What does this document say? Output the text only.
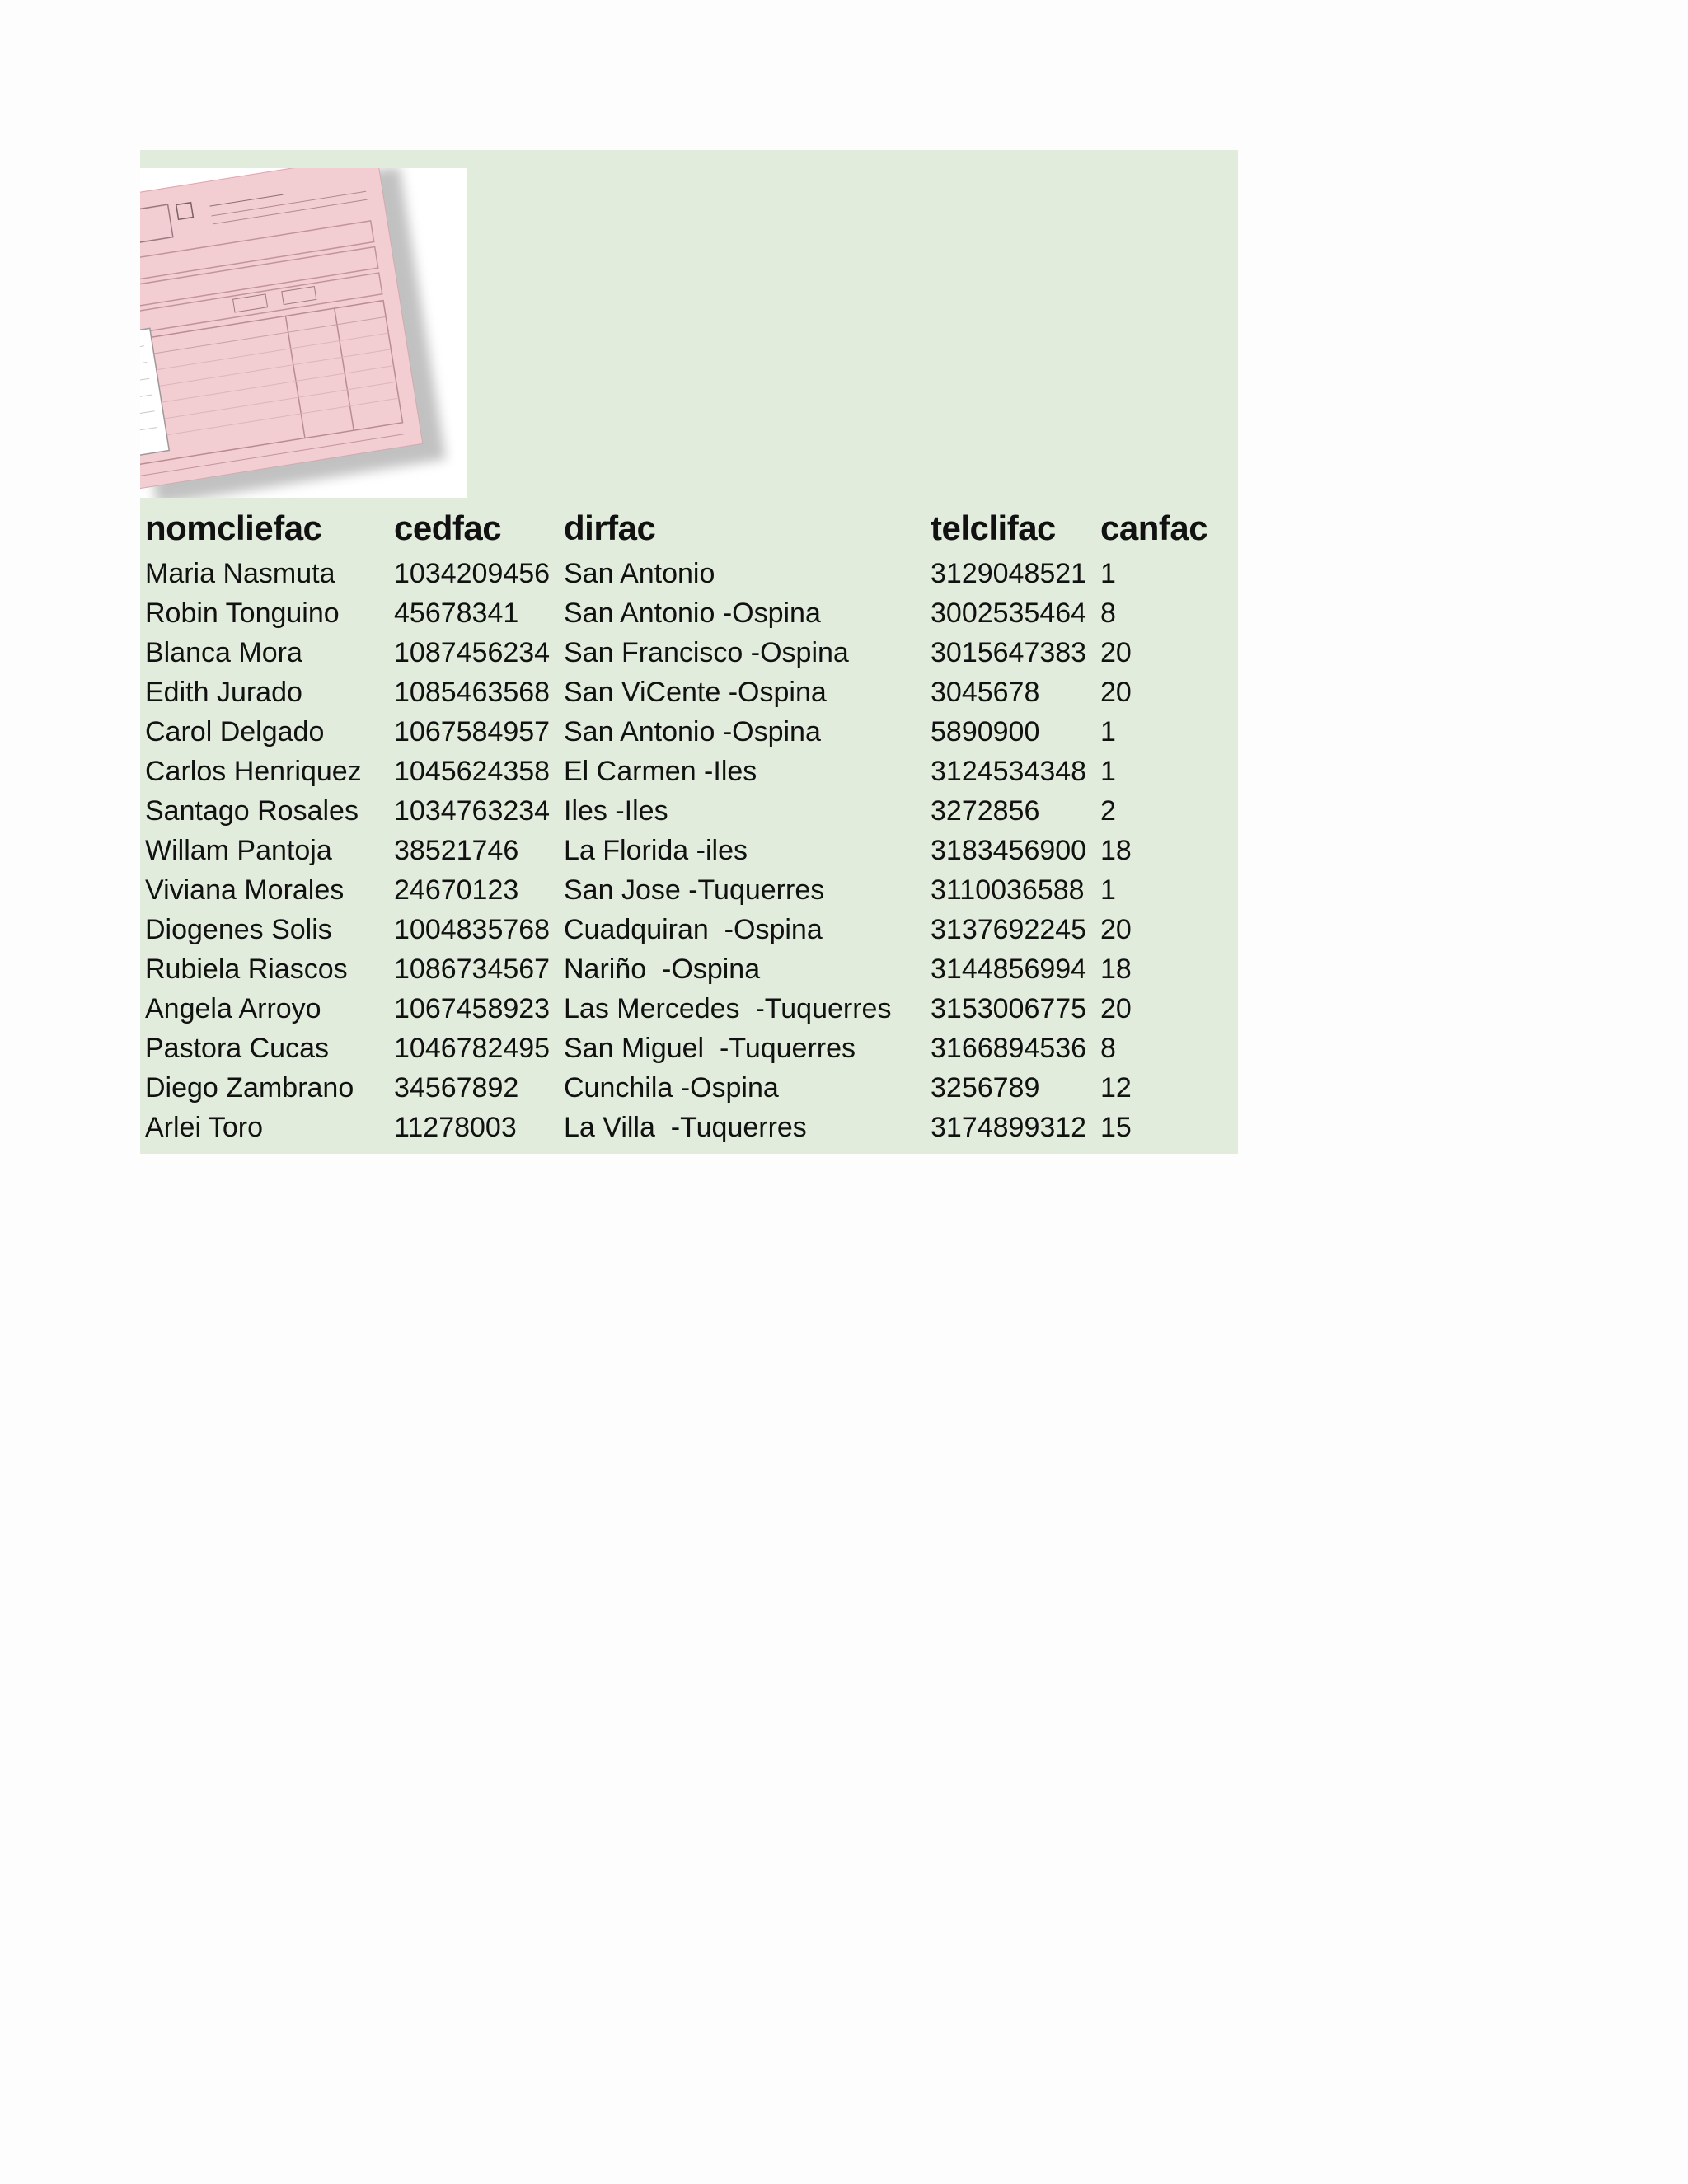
nomcliefac	cedfac	dirfac	telclifac	canfac
Maria Nasmuta	1034209456	San Antonio	3129048521	1
Robin Tonguino	45678341	San Antonio -Ospina	3002535464	8
Blanca Mora	1087456234	San Francisco -Ospina	3015647383	20
Edith Jurado	1085463568	San ViCente -Ospina	3045678	20
Carol Delgado	1067584957	San Antonio -Ospina	5890900	1
Carlos Henriquez	1045624358	El Carmen -Iles	3124534348	1
Santago Rosales	1034763234	Iles -Iles	3272856	2
Willam Pantoja	38521746	La Florida -iles	3183456900	18
Viviana Morales	24670123	San Jose -Tuquerres	3110036588	1
Diogenes Solis	1004835768	Cuadquiran  -Ospina	3137692245	20
Rubiela Riascos	1086734567	Nariño  -Ospina	3144856994	18
Angela Arroyo	1067458923	Las Mercedes  -Tuquerres	3153006775	20
Pastora Cucas	1046782495	San Miguel  -Tuquerres	3166894536	8
Diego Zambrano	34567892	Cunchila -Ospina	3256789	12
Arlei Toro	11278003	La Villa  -Tuquerres	3174899312	15
